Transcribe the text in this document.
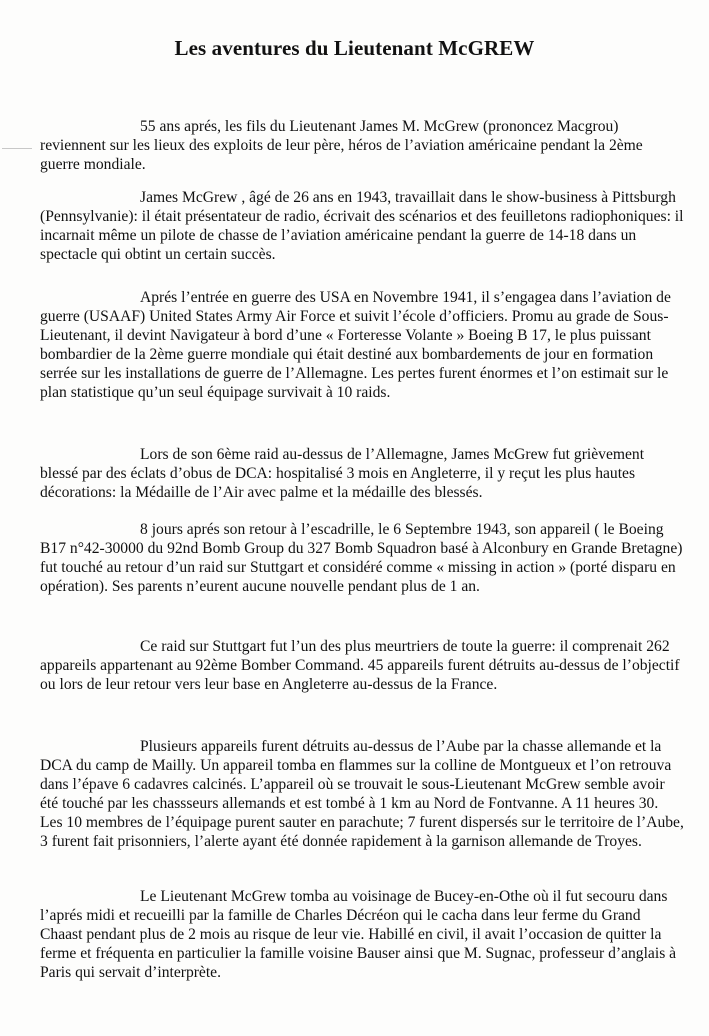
Les aventures du Lieutenant McGREW

55 ans aprés, les fils du Lieutenant James M. McGrew (prononcez Macgrou) reviennent sur les lieux des exploits de leur père, héros de l’aviation américaine pendant la 2ème guerre mondiale.

James McGrew , âgé de 26 ans en 1943, travaillait dans le show-business à Pittsburgh (Pennsylvanie): il était présentateur de radio, écrivait des scénarios et des feuilletons radiophoniques: il incarnait même un pilote de chasse de l’aviation américaine pendant la guerre de 14-18 dans un spectacle qui obtint un certain succès.

Aprés l’entrée en guerre des USA en Novembre 1941, il s’engagea dans l’aviation de guerre (USAAF) United States Army Air Force et suivit l’école d’officiers. Promu au grade de Sous-Lieutenant, il devint Navigateur à bord d’une « Forteresse Volante » Boeing B 17, le plus puissant bombardier de la 2ème guerre mondiale qui était destiné aux bombardements de jour en formation serrée sur les installations de guerre de l’Allemagne. Les pertes furent énormes et l’on estimait sur le plan statistique qu’un seul équipage survivait à 10 raids.

Lors de son 6ème raid au-dessus de l’Allemagne, James McGrew fut grièvement blessé par des éclats d’obus de DCA: hospitalisé 3 mois en Angleterre, il y reçut les plus hautes décorations: la Médaille de l’Air avec palme et la médaille des blessés.

8 jours aprés son retour à l’escadrille, le 6 Septembre 1943, son appareil ( le Boeing B17 n°42-30000 du 92nd Bomb Group du 327 Bomb Squadron basé à Alconbury en Grande Bretagne) fut touché au retour d’un raid sur Stuttgart et considéré comme « missing in action » (porté disparu en opération). Ses parents n’eurent aucune nouvelle pendant plus de 1 an.

Ce raid sur Stuttgart fut l’un des plus meurtriers de toute la guerre: il comprenait 262 appareils appartenant au 92ème Bomber Command. 45 appareils furent détruits au-dessus de l’objectif ou lors de leur retour vers leur base en Angleterre au-dessus de la France.

Plusieurs appareils furent détruits au-dessus de l’Aube par la chasse allemande et la DCA du camp de Mailly. Un appareil tomba en flammes sur la colline de Montgueux et l’on retrouva dans l’épave 6 cadavres calcinés. L’appareil où se trouvait le sous-Lieutenant McGrew semble avoir été touché par les chassseurs allemands et est tombé à 1 km au Nord de Fontvanne. A 11 heures 30. Les 10 membres de l’équipage purent sauter en parachute; 7 furent dispersés sur le territoire de l’Aube, 3 furent fait prisonniers, l’alerte ayant été donnée rapidement à la garnison allemande de Troyes.

Le Lieutenant McGrew tomba au voisinage de Bucey-en-Othe où il fut secouru dans l’aprés midi et recueilli par la famille de Charles Décréon qui le cacha dans leur ferme du Grand Chaast pendant plus de 2 mois au risque de leur vie. Habillé en civil, il avait l’occasion de quitter la ferme et fréquenta en particulier la famille voisine Bauser ainsi que M. Sugnac, professeur d’anglais à Paris qui servait d’interprète.
